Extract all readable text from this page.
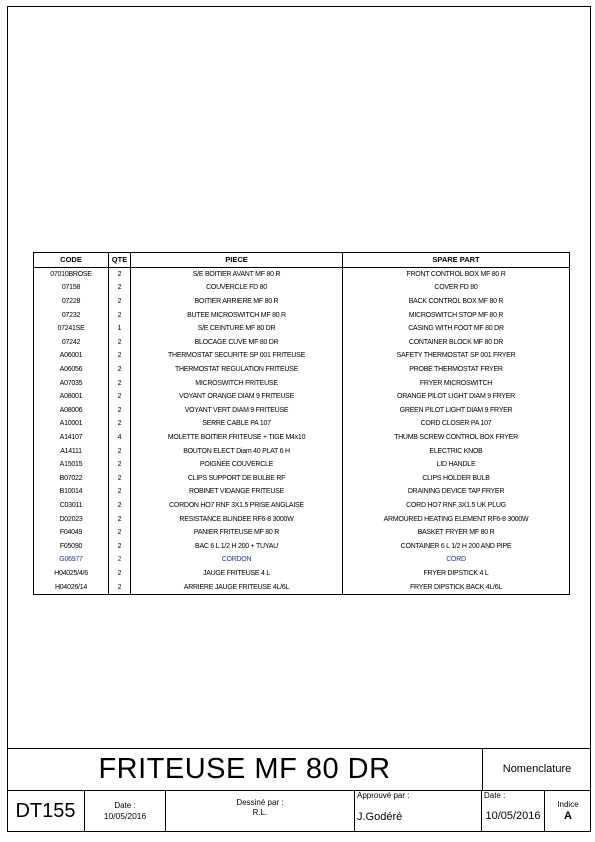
CODE	QTE	PIECE	SPARE PART
07010BROSE	2	S/E BOITIER AVANT MF 80 R	FRONT CONTROL BOX MF 80 R
07158	2	COUVERCLE FD 80	COVER FD 80
07228	2	BOITIER ARRIERE MF 80 R	BACK CONTROL BOX MF 80 R
07232	2	BUTEE MICROSWITCH MF 80 R	MICROSWITCH STOP MF 80 R
07241SE	1	S/E CEINTURE MF 80 DR	CASING WITH FOOT MF 80 DR
07242	2	BLOCAGE CUVE MF 80 DR	CONTAINER BLOCK MF 80 DR
A06001	2	THERMOSTAT SECURITE SP 001 FRITEUSE	SAFETY THERMOSTAT SP 001 FRYER
A06056	2	THERMOSTAT REGULATION FRITEUSE	PROBE THERMOSTAT FRYER
A07035	2	MICROSWITCH FRITEUSE	FRYER MICROSWITCH
A08001	2	VOYANT ORANGE DIAM 9 FRITEUSE	ORANGE PILOT LIGHT DIAM 9 FRYER
A08006	2	VOYANT VERT DIAM 9 FRITEUSE	GREEN PILOT LIGHT DIAM 9 FRYER
A10001	2	SERRE CABLE PA 107	CORD CLOSER PA 107
A14107	4	MOLETTE BOITIER FRITEUSE + TIGE M4x10	THUMB SCREW CONTROL BOX FRYER
A14111	2	BOUTON ELECT Diam 40 PLAT 6 H	ELECTRIC KNOB
A15015	2	POIGNEE COUVERCLE	LID HANDLE
B07022	2	CLIPS SUPPORT DE BULBE RF	CLIPS HOLDER BULB
B10014	2	ROBINET VIDANGE FRITEUSE	DRAINING DEVICE TAP FRYER
C03011	2	CORDON HO7 RNF 3X1.5 PRISE ANGLAISE	CORD HO7 RNF 3X1.5 UK PLUG
D02023	2	RESISTANCE BLINDEE RF6-8 3000W	ARMOURED HEATING ELEMENT RF6-8 3000W
F04049	2	PANIER FRITEUSE MF 80 R	BASKET FRYER MF 80 R
F05090	2	BAC 6 L 1/2 H 200 + TUYAU	CONTAINER 6 L 1/2 H 200 AND PIPE
G06977	2	CORDON	CORD
H04025/4/6	2	JAUGE FRITEUSE 4 L	FRYER DIPSTICK 4 L
H04026/14	2	ARRIERE JAUGE FRITEUSE 4L/6L	FRYER DIPSTICK BACK 4L/6L
FRITEUSE MF 80 DR	Nomenclature
DT155	Date :
10/05/2016
Dessiné par :
R.L.
Approuvé par :
J.Godéré
Date :
10/05/2016
Indice
A
